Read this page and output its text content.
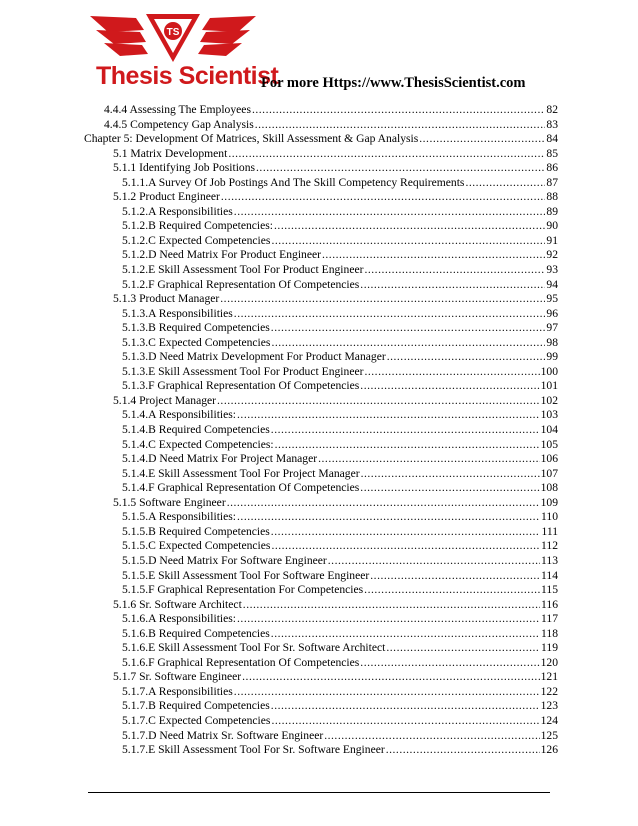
TS
Thesis Scientist
For more Https://www.ThesisScientist.com
4.4.4 Assessing The Employees .....	82
4.4.5 Competency Gap Analysis .....	83
Chapter 5: Development Of Matrices, Skill Assessment & Gap Analysis .....	84
5.1 Matrix Development .....	85
5.1.1 Identifying Job Positions .....	86
5.1.1.A Survey Of Job Postings And The Skill Competency Requirements .....	87
5.1.2 Product Engineer .....	88
5.1.2.A Responsibilities .....	89
5.1.2.B Required Competencies: .....	90
5.1.2.C Expected Competencies .....	91
5.1.2.D Need Matrix For Product Engineer .....	92
5.1.2.E Skill Assessment Tool For Product Engineer .....	93
5.1.2.F Graphical Representation Of Competencies .....	94
5.1.3 Product Manager .....	95
5.1.3.A Responsibilities .....	96
5.1.3.B Required Competencies .....	97
5.1.3.C Expected Competencies .....	98
5.1.3.D Need Matrix Development For Product Manager .....	99
5.1.3.E Skill Assessment Tool For Product Engineer .....	100
5.1.3.F Graphical Representation Of Competencies .....	101
5.1.4 Project Manager .....	102
5.1.4.A Responsibilities: .....	103
5.1.4.B Required Competencies .....	104
5.1.4.C Expected Competencies: .....	105
5.1.4.D Need Matrix For Project Manager .....	106
5.1.4.E Skill Assessment Tool For Project Manager .....	107
5.1.4.F Graphical Representation Of Competencies .....	108
5.1.5 Software Engineer .....	109
5.1.5.A Responsibilities: .....	110
5.1.5.B Required Competencies .....	111
5.1.5.C Expected Competencies .....	112
5.1.5.D Need Matrix For Software Engineer .....	113
5.1.5.E Skill Assessment Tool For Software Engineer .....	114
5.1.5.F Graphical Representation For Competencies .....	115
5.1.6 Sr. Software Architect .....	116
5.1.6.A Responsibilities: .....	117
5.1.6.B Required Competencies .....	118
5.1.6.E Skill Assessment Tool For Sr. Software Architect .....	119
5.1.6.F Graphical Representation Of Competencies .....	120
5.1.7 Sr. Software Engineer .....	121
5.1.7.A Responsibilities .....	122
5.1.7.B Required Competencies .....	123
5.1.7.C Expected Competencies .....	124
5.1.7.D Need Matrix Sr. Software Engineer .....	125
5.1.7.E Skill Assessment Tool For Sr. Software Engineer .....	126
